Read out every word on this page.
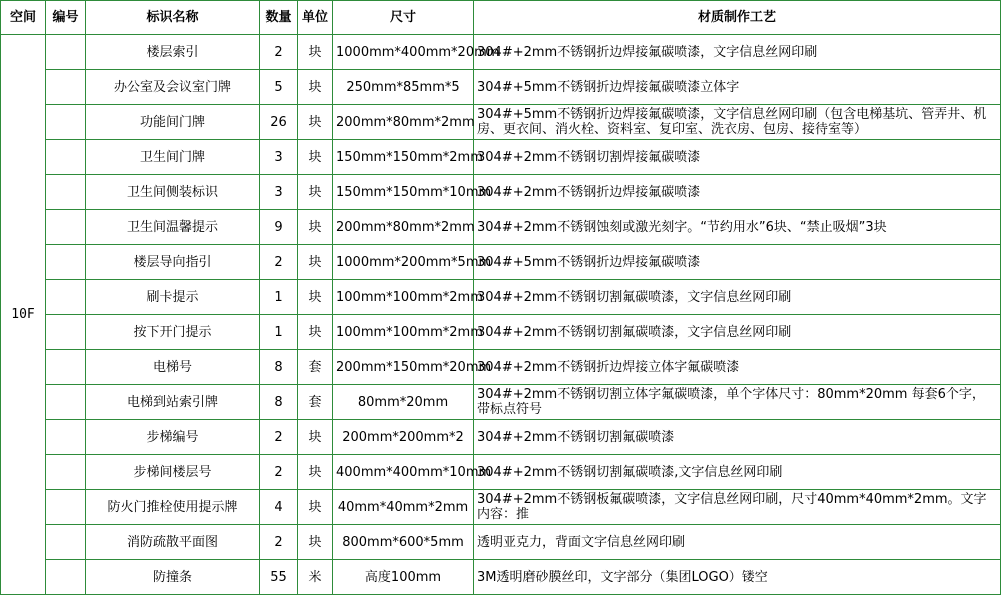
空间	编号	标识名称	数量	单位	尺寸	材质制作工艺
10F		楼层索引	2	块	1000mm*400mm*20mm	304#+2mm不锈钢折边焊接氟碳喷漆，文字信息丝网印刷
		办公室及会议室门牌	5	块	250mm*85mm*5	304#+5mm不锈钢折边焊接氟碳喷漆立体字
		功能间门牌	26	块	200mm*80mm*2mm	304#+5mm不锈钢折边焊接氟碳喷漆，文字信息丝网印刷（包含电梯基坑、管弄井、机房、更衣间、消火栓、资料室、复印室、洗衣房、包房、接待室等）
		卫生间门牌	3	块	150mm*150mm*2mm	304#+2mm不锈钢切割焊接氟碳喷漆
		卫生间侧装标识	3	块	150mm*150mm*10mm	304#+2mm不锈钢折边焊接氟碳喷漆
		卫生间温馨提示	9	块	200mm*80mm*2mm	304#+2mm不锈钢蚀刻或激光刻字。“节约用水”6块、“禁止吸烟”3块
		楼层导向指引	2	块	1000mm*200mm*5mm	304#+5mm不锈钢折边焊接氟碳喷漆
		刷卡提示	1	块	100mm*100mm*2mm	304#+2mm不锈钢切割氟碳喷漆，文字信息丝网印刷
		按下开门提示	1	块	100mm*100mm*2mm	304#+2mm不锈钢切割氟碳喷漆，文字信息丝网印刷
		电梯号	8	套	200mm*150mm*20mm	304#+2mm不锈钢折边焊接立体字氟碳喷漆
		电梯到站索引牌	8	套	80mm*20mm	304#+2mm不锈钢切割立体字氟碳喷漆，单个字体尺寸：80mm*20mm 每套6个字，带标点符号
		步梯编号	2	块	200mm*200mm*2	304#+2mm不锈钢切割氟碳喷漆
		步梯间楼层号	2	块	400mm*400mm*10mm	304#+2mm不锈钢切割氟碳喷漆,文字信息丝网印刷
		防火门推栓使用提示牌	4	块	40mm*40mm*2mm	304#+2mm不锈钢板氟碳喷漆，文字信息丝网印刷，尺寸40mm*40mm*2mm。文字内容：推
		消防疏散平面图	2	块	800mm*600*5mm	透明亚克力，背面文字信息丝网印刷
		防撞条	55	米	高度100mm	3M透明磨砂膜丝印，文字部分（集团LOGO）镂空
